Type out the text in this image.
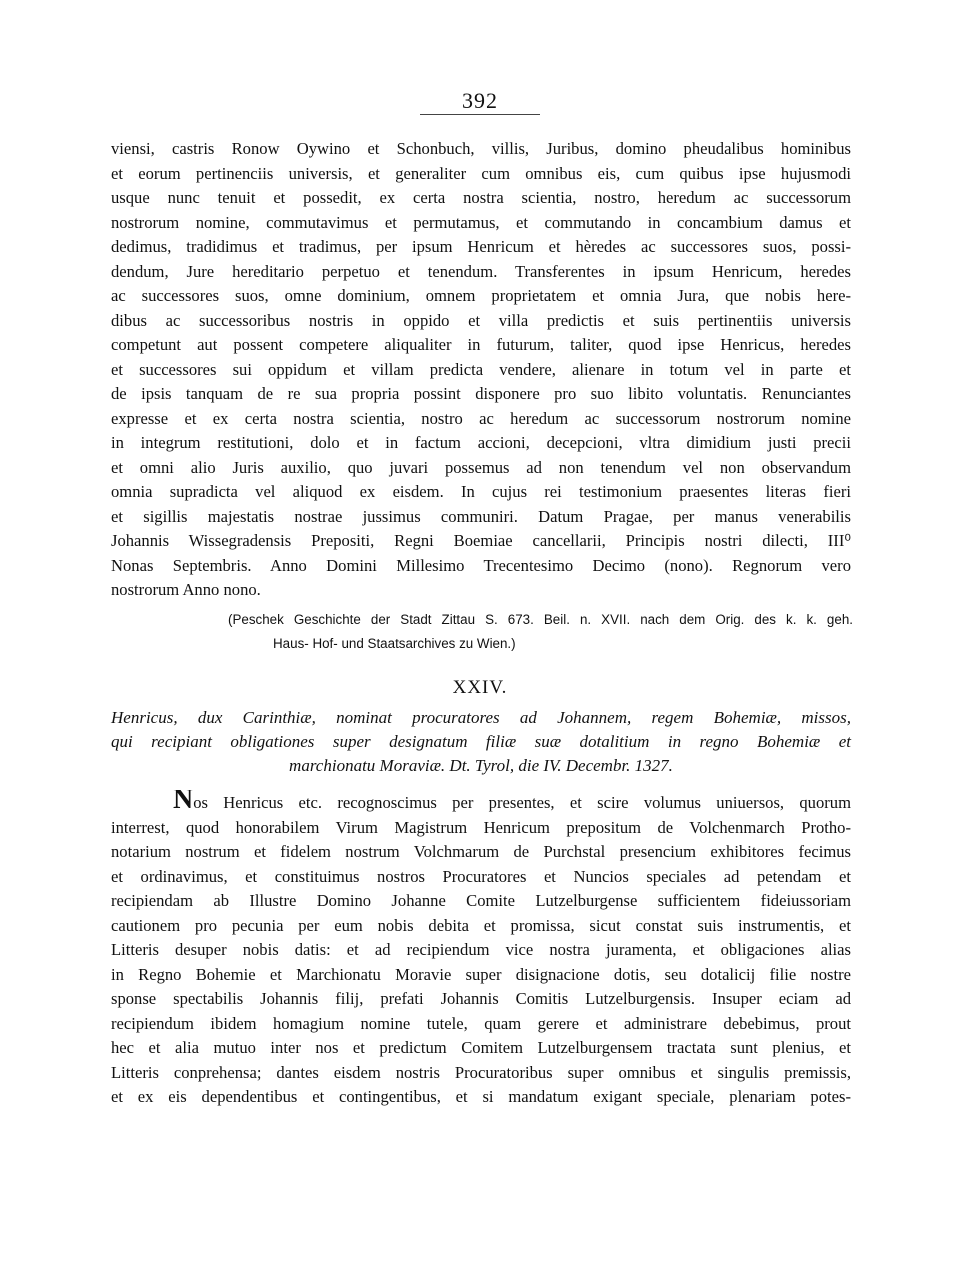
392
viensi, castris Ronow Oywino et Schonbuch, villis, Juribus, domino pheudalibus hominibus
et eorum pertinenciis universis, et generaliter cum omnibus eis, cum quibus ipse hujusmodi
usque nunc tenuit et possedit, ex certa nostra scientia, nostro, heredum ac successorum
nostrorum nomine, commutavimus et permutamus, et commutando in concambium damus et
dedimus, tradidimus et tradimus, per ipsum Henricum et hèredes ac successores suos, possi-
dendum, Jure hereditario perpetuo et tenendum. Transferentes in ipsum Henricum, heredes
ac successores suos, omne dominium, omnem proprietatem et omnia Jura, que nobis here-
dibus ac successoribus nostris in oppido et villa predictis et suis pertinentiis universis
competunt aut possent competere aliqualiter in futurum, taliter, quod ipse Henricus, heredes
et successores sui oppidum et villam predicta vendere, alienare in totum vel in parte et
de ipsis tanquam de re sua propria possint disponere pro suo libito voluntatis. Renunciantes
expresse et ex certa nostra scientia, nostro ac heredum ac successorum nostrorum nomine
in integrum restitutioni, dolo et in factum accioni, decepcioni, vltra dimidium justi precii
et omni alio Juris auxilio, quo juvari possemus ad non tenendum vel non observandum
omnia supradicta vel aliquod ex eisdem. In cujus rei testimonium praesentes literas fieri
et sigillis majestatis nostrae jussimus communiri. Datum Pragae, per manus venerabilis
Johannis Wissegradensis Prepositi, Regni Boemiae cancellarii, Principis nostri dilecti, III⁰
Nonas Septembris. Anno Domini Millesimo Trecentesimo Decimo (nono). Regnorum vero
nostrorum Anno nono.
(Peschek Geschichte der Stadt Zittau S. 673. Beil. n. XVII. nach dem Orig. des k. k. geh.
Haus- Hof- und Staatsarchives zu Wien.)
XXIV.
Henricus, dux Carinthiæ, nominat procuratores ad Johannem, regem Bohemiæ, missos,
qui recipiant obligationes super designatum filiæ suæ dotalitium in regno Bohemiæ et
marchionatu Moraviæ. Dt. Tyrol, die IV. Decembr. 1327.
Nos Henricus etc. recognoscimus per presentes, et scire volumus uniuersos, quorum
interrest, quod honorabilem Virum Magistrum Henricum prepositum de Volchenmarch Protho-
notarium nostrum et fidelem nostrum Volchmarum de Purchstal presencium exhibitores fecimus
et ordinavimus, et constituimus nostros Procuratores et Nuncios speciales ad petendam et
recipiendam ab Illustre Domino Johanne Comite Lutzelburgense sufficientem fideiussoriam
cautionem pro pecunia per eum nobis debita et promissa, sicut constat suis instrumentis, et
Litteris desuper nobis datis: et ad recipiendum vice nostra juramenta, et obligaciones alias
in Regno Bohemie et Marchionatu Moravie super disignacione dotis, seu dotalicij filie nostre
sponse spectabilis Johannis filij, prefati Johannis Comitis Lutzelburgensis. Insuper eciam ad
recipiendum ibidem homagium nomine tutele, quam gerere et administrare debebimus, prout
hec et alia mutuo inter nos et predictum Comitem Lutzelburgensem tractata sunt plenius, et
Litteris conprehensa; dantes eisdem nostris Procuratoribus super omnibus et singulis premissis,
et ex eis dependentibus et contingentibus, et si mandatum exigant speciale, plenariam potes-
